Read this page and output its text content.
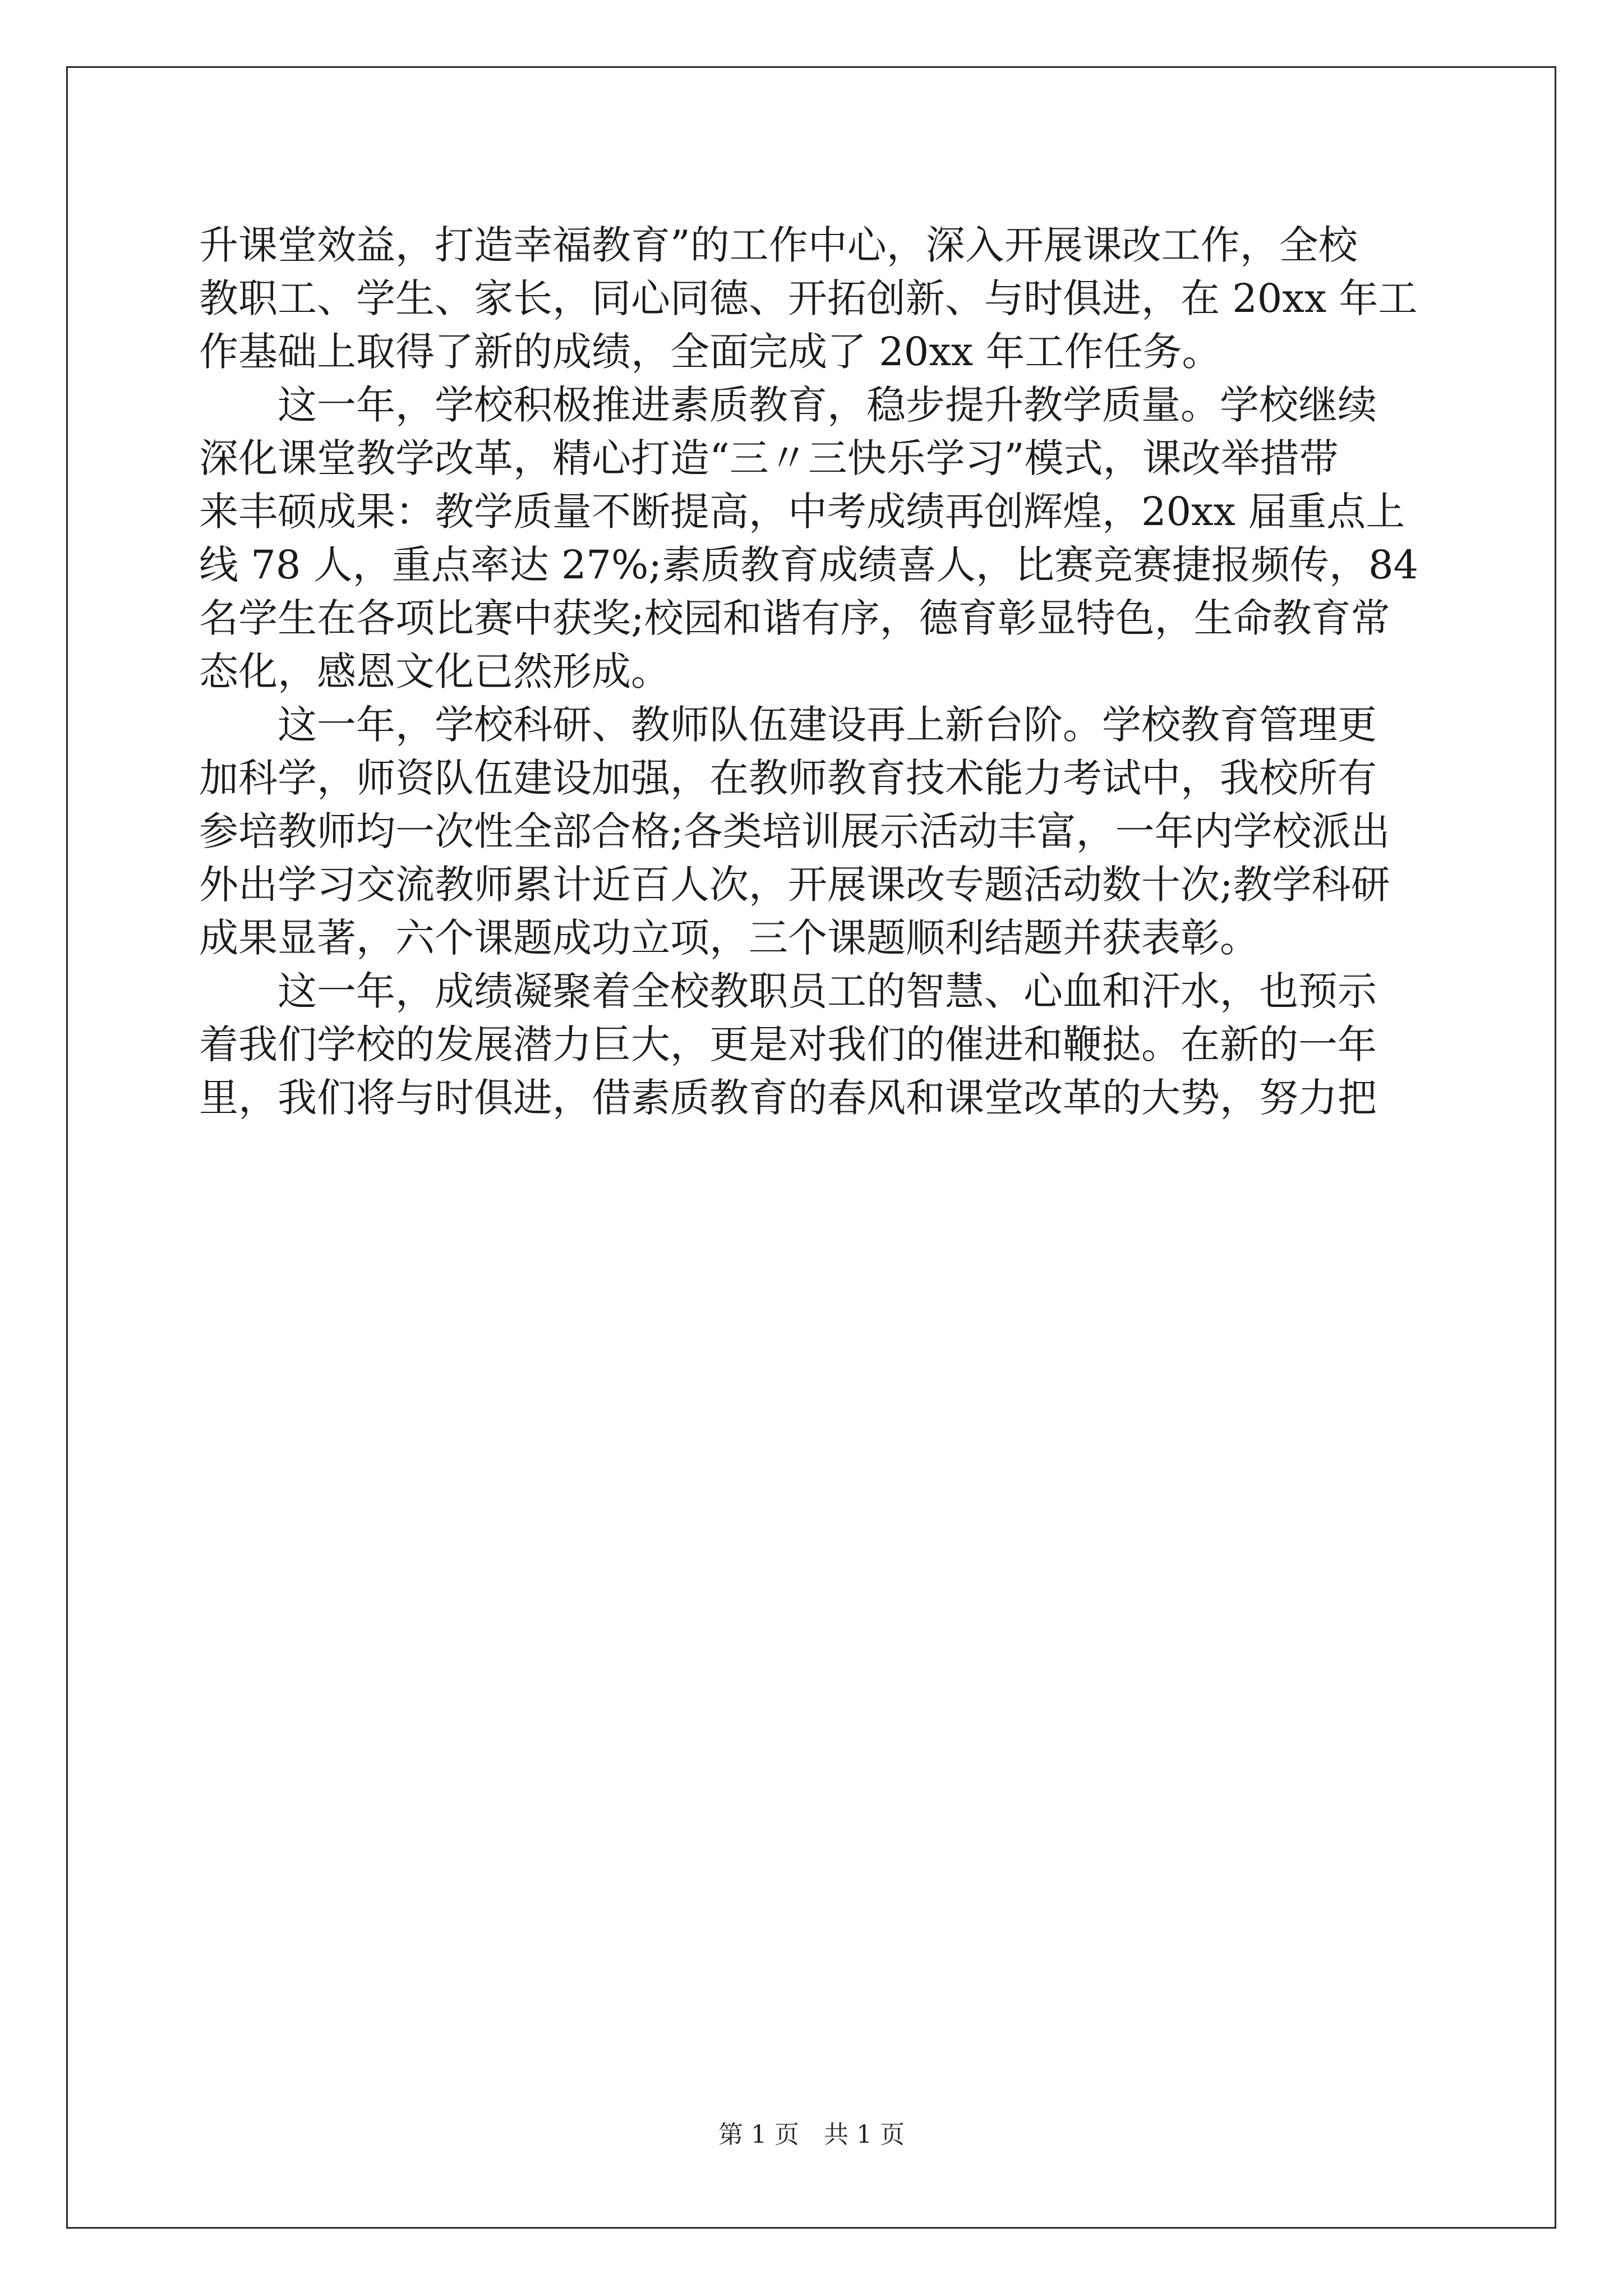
升课堂效益，打造幸福教育”的工作中心，深入开展课改工作，全校
教职工、学生、家长，同心同德、开拓创新、与时俱进，在 20xx 年工
作基础上取得了新的成绩，全面完成了 20xx 年工作任务。
这一年，学校积极推进素质教育，稳步提升教学质量。学校继续
深化课堂教学改革，精心打造“三〃三快乐学习”模式，课改举措带
来丰硕成果：教学质量不断提高，中考成绩再创辉煌，20xx 届重点上
线 78 人，重点率达 27%;素质教育成绩喜人，比赛竞赛捷报频传，84
名学生在各项比赛中获奖;校园和谐有序，德育彰显特色，生命教育常
态化，感恩文化已然形成。
这一年，学校科研、教师队伍建设再上新台阶。学校教育管理更
加科学，师资队伍建设加强，在教师教育技术能力考试中，我校所有
参培教师均一次性全部合格;各类培训展示活动丰富，一年内学校派出
外出学习交流教师累计近百人次，开展课改专题活动数十次;教学科研
成果显著，六个课题成功立项，三个课题顺利结题并获表彰。
这一年，成绩凝聚着全校教职员工的智慧、心血和汗水，也预示
着我们学校的发展潜力巨大，更是对我们的催进和鞭挞。在新的一年
里，我们将与时俱进，借素质教育的春风和课堂改革的大势，努力把
第 1 页　共 1 页
